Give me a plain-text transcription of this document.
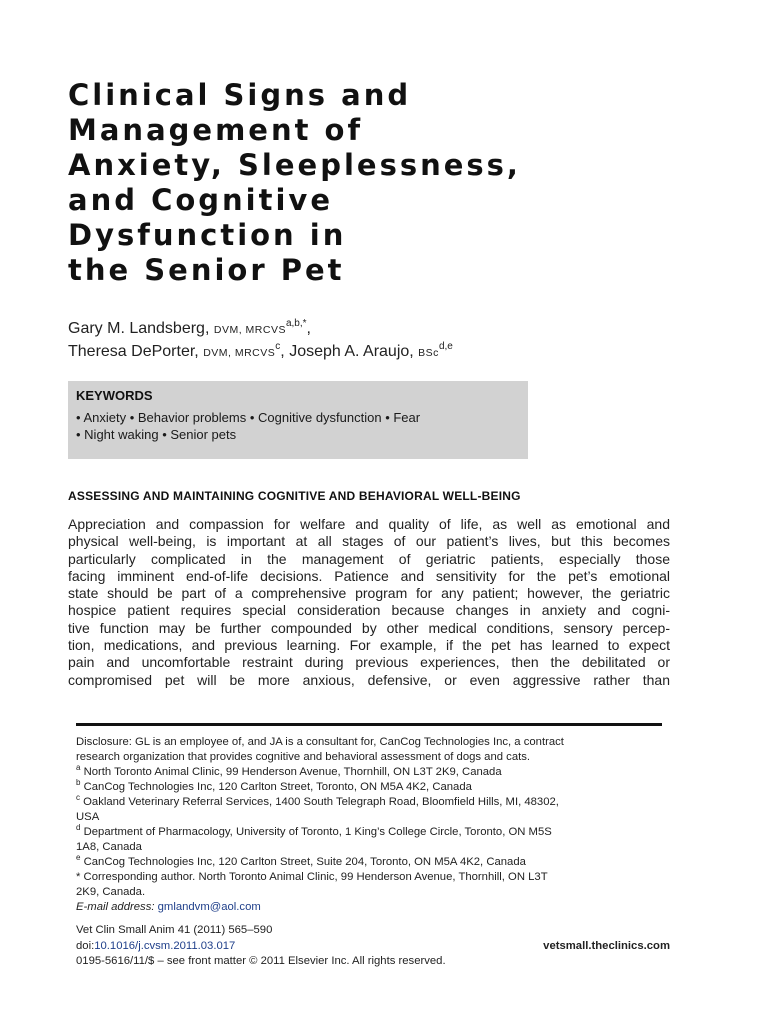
Clinical Signs and
Management of
Anxiety, Sleeplessness,
and Cognitive
Dysfunction in
the Senior Pet
Gary M. Landsberg, DVM, $MRCVS^{a,b,*}$,
Theresa DePorter, DVM, MRCVS$^c$, Joseph A. Araujo, BSc$^{d,e}$

KEYWORDS

• Anxiety • Behavior problems • Cognitive dysfunction • Fear

• Night waking • Senior pets

ASSESSING AND MAINTAINING COGNITIVE AND BEHAVIORAL WELL-BEING

Appreciation and compassion for welfare and quality of life, as well as emotional and
physical well-being, is important at all stages of our patient’s lives, but this becomes
particularly complicated in the management of geriatric patients, especially those
facing imminent end-of-life decisions. Patience and sensitivity for the pet’s emotional
state should be part of a comprehensive program for any patient; however, the geriatric
hospice patient requires special consideration because changes in anxiety and cogni-
tive function may be further compounded by other medical conditions, sensory percep-
tion, medications, and previous learning. For example, if the pet has learned to expect
pain and uncomfortable restraint during previous experiences, then the debilitated or
compromised pet will be more anxious, defensive, or even aggressive rather than

Disclosure: GL is an employee of, and JA is a consultant for, CanCog Technologies Inc, a contract

research organization that provides cognitive and behavioral assessment of dogs and cats.

$^a$ North Toronto Animal Clinic, 99 Henderson Avenue, Thornhill, ON L3T 2K9, Canada

$^b$ CanCog Technologies Inc, 120 Carlton Street, Toronto, ON M5A 4K2, Canada

$^c$ Oakland Veterinary Referral Services, 1400 South Telegraph Road, Bloomfield Hills, MI, 48302,

USA

$^d$ Department of Pharmacology, University of Toronto, 1 King’s College Circle, Toronto, ON M5S

1A8, Canada

$^e$ CanCog Technologies Inc, 120 Carlton Street, Suite 204, Toronto, ON M5A 4K2, Canada

* Corresponding author. North Toronto Animal Clinic, 99 Henderson Avenue, Thornhill, ON L3T

2K9, Canada.

E-mail address: gmlandvm@aol.com

Vet Clin Small Anim 41 (2011) 565–590

doi:10.1016/j.cvsm.2011.03.017	vetsmall.theclinics.com

0195-5616/11/$ – see front matter © 2011 Elsevier Inc. All rights reserved.
